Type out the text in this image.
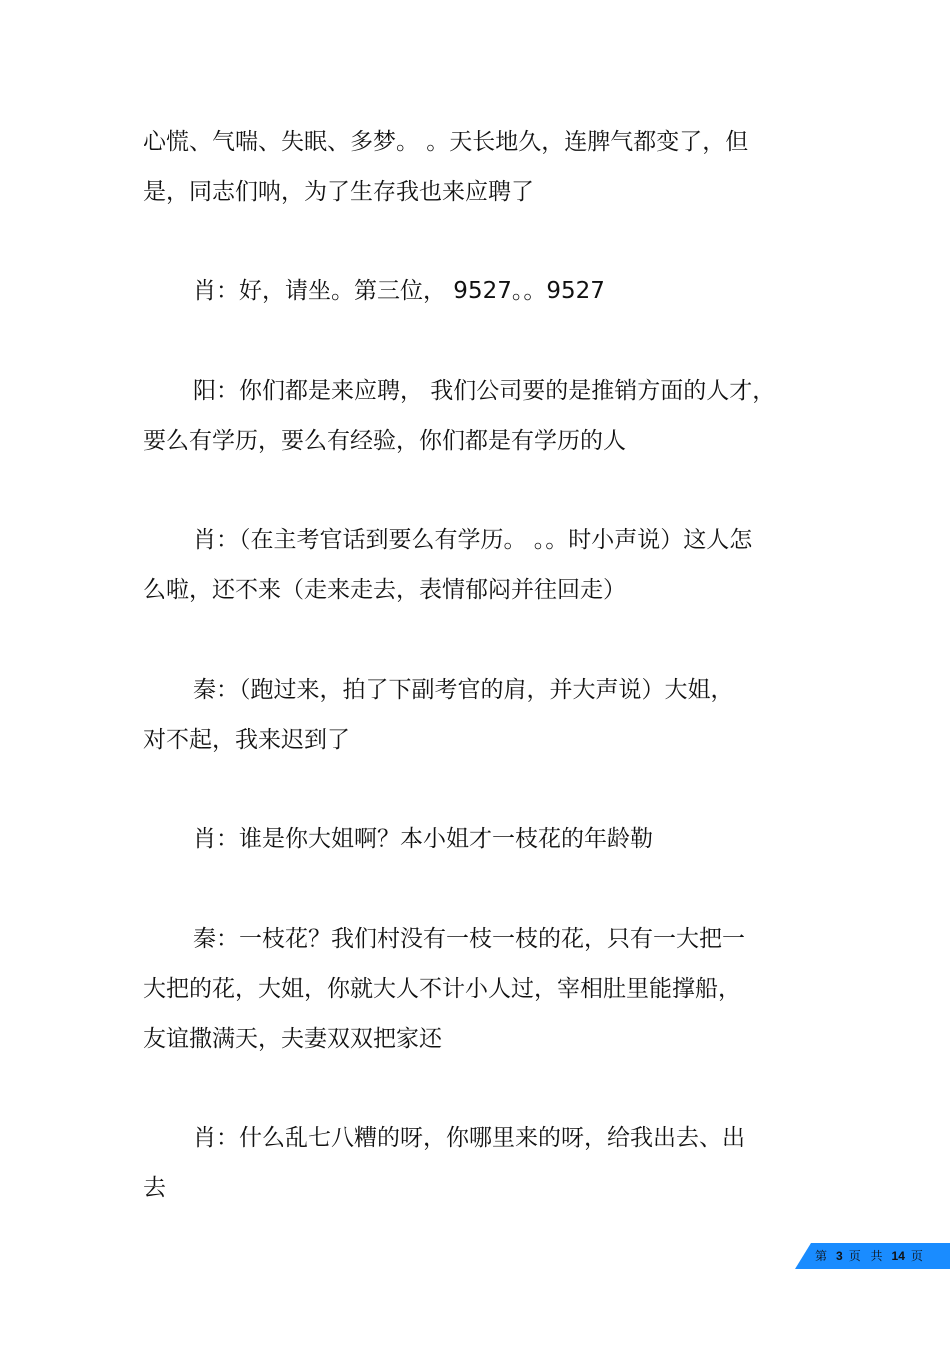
心慌、气喘、失眠、多梦。 。天长地久，连脾气都变了，但
是，同志们呐，为了生存我也来应聘了

肖：好，请坐。第三位， 9527。。9527

阳：你们都是来应聘， 我们公司要的是推销方面的人才，
要么有学历，要么有经验，你们都是有学历的人

肖：（在主考官话到要么有学历。 。。时小声说）这人怎
么啦，还不来（走来走去，表情郁闷并往回走）

秦：（跑过来，拍了下副考官的肩，并大声说）大姐，
对不起，我来迟到了

肖：谁是你大姐啊？本小姐才一枝花的年龄勒

秦：一枝花？我们村没有一枝一枝的花，只有一大把一
大把的花，大姐，你就大人不计小人过，宰相肚里能撑船，
友谊撒满天，夫妻双双把家还

肖：什么乱七八糟的呀，你哪里来的呀，给我出去、出
去

第 3 页 共 14 页
